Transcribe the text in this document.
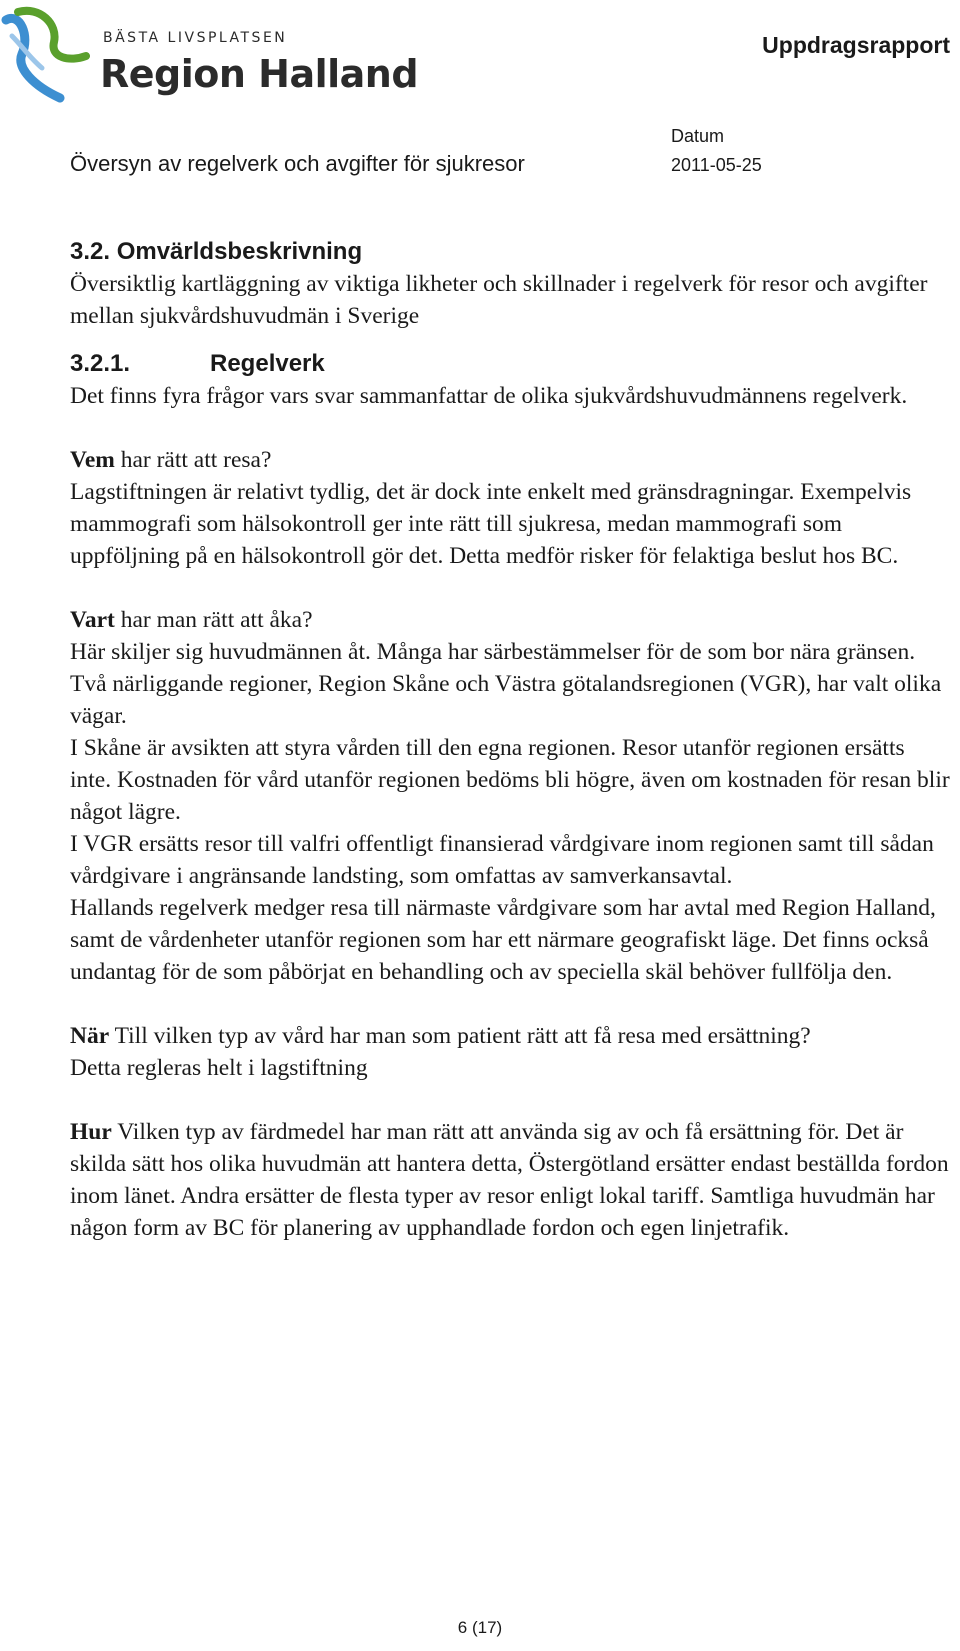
BÄSTA LIVSPLATSEN
Region Halland
Uppdragsrapport
Översyn av regelverk och avgifter för sjukresor
Datum
2011-05-25

3.2. Omvärldsbeskrivning

Översiktlig kartläggning av viktiga likheter och skillnader i regelverk för resor och avgifter mellan sjukvårdshuvudmän i Sverige

3.2.1.	Regelverk

Det finns fyra frågor vars svar sammanfattar de olika sjukvårdshuvudmännens regelverk.

Vem har rätt att resa?

Lagstiftningen är relativt tydlig, det är dock inte enkelt med gränsdragningar. Exempelvis mammografi som hälsokontroll ger inte rätt till sjukresa, medan mammografi som uppföljning på en hälsokontroll gör det. Detta medför risker för felaktiga beslut hos BC.

Vart har man rätt att åka?

Här skiljer sig huvudmännen åt. Många har särbestämmelser för de som bor nära gränsen. Två närliggande regioner, Region Skåne och Västra götalandsregionen (VGR), har valt olika vägar.

I Skåne är avsikten att styra vården till den egna regionen. Resor utanför regionen ersätts inte. Kostnaden för vård utanför regionen bedöms bli högre, även om kostnaden för resan blir något lägre.

I VGR ersätts resor till valfri offentligt finansierad vårdgivare inom regionen samt till sådan vårdgivare i angränsande landsting, som omfattas av samverkansavtal.

Hallands regelverk medger resa till närmaste vårdgivare som har avtal med Region Halland, samt de vårdenheter utanför regionen som har ett närmare geografiskt läge. Det finns också undantag för de som påbörjat en behandling och av speciella skäl behöver fullfölja den.

När Till vilken typ av vård har man som patient rätt att få resa med ersättning?

Detta regleras helt i lagstiftning

Hur Vilken typ av färdmedel har man rätt att använda sig av och få ersättning för. Det är skilda sätt hos olika huvudmän att hantera detta, Östergötland ersätter endast beställda fordon inom länet. Andra ersätter de flesta typer av resor enligt lokal tariff. Samtliga huvudmän har någon form av BC för planering av upphandlade fordon och egen linjetrafik.

6 (17)
